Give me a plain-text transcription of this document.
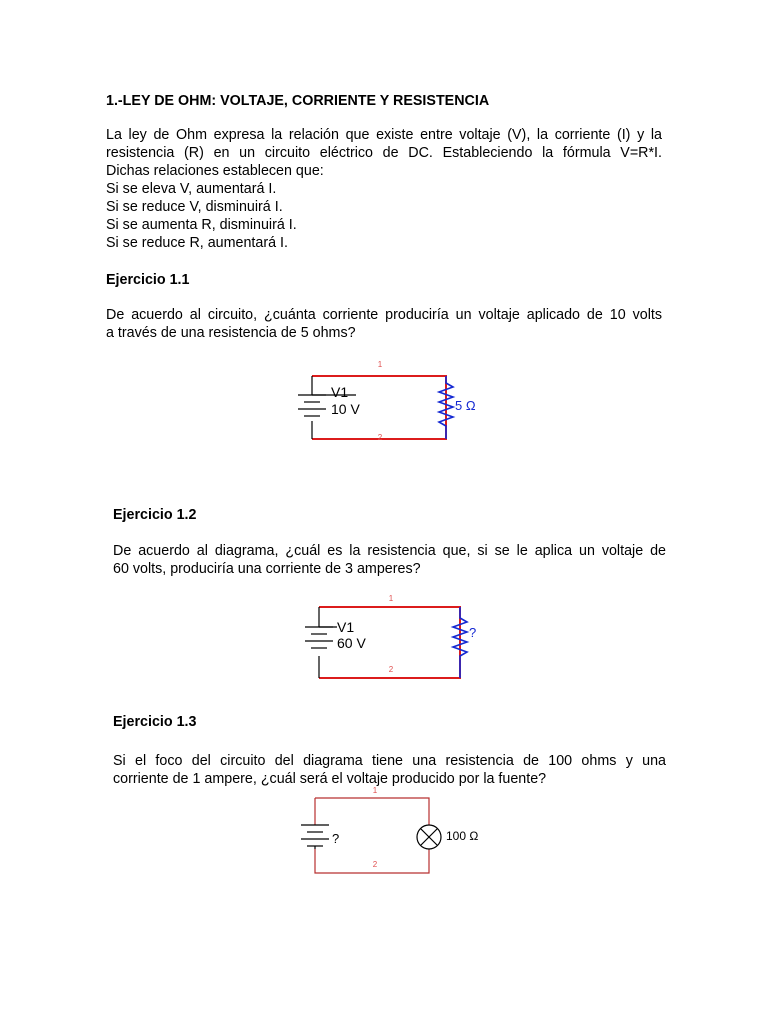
1.-LEY DE OHM: VOLTAJE, CORRIENTE Y RESISTENCIA

La ley de Ohm expresa la relación que existe entre voltaje (V), la corriente (I) y la

resistencia (R) en un circuito eléctrico de DC. Estableciendo la fórmula V=R*I.

Dichas relaciones establecen que:

Si se eleva V, aumentará I.

Si se reduce V, disminuirá I.

Si se aumenta R, disminuirá I.

Si se reduce R, aumentará I.

Ejercicio 1.1

De acuerdo al circuito, ¿cuánta corriente produciría un voltaje aplicado de 10 volts

a través de una resistencia de 5 ohms?

1
2
V1
10 V	5 Ω

Ejercicio 1.2

De acuerdo al diagrama, ¿cuál es la resistencia que, si se le aplica un voltaje de

60 volts, produciría una corriente de 3 amperes?

1
2
V1
60 V
?

Ejercicio 1.3

Si el foco del circuito del diagrama tiene una resistencia de 100 ohms y una

corriente de 1 ampere, ¿cuál será el voltaje producido por la fuente?

1
2
?	100 Ω
